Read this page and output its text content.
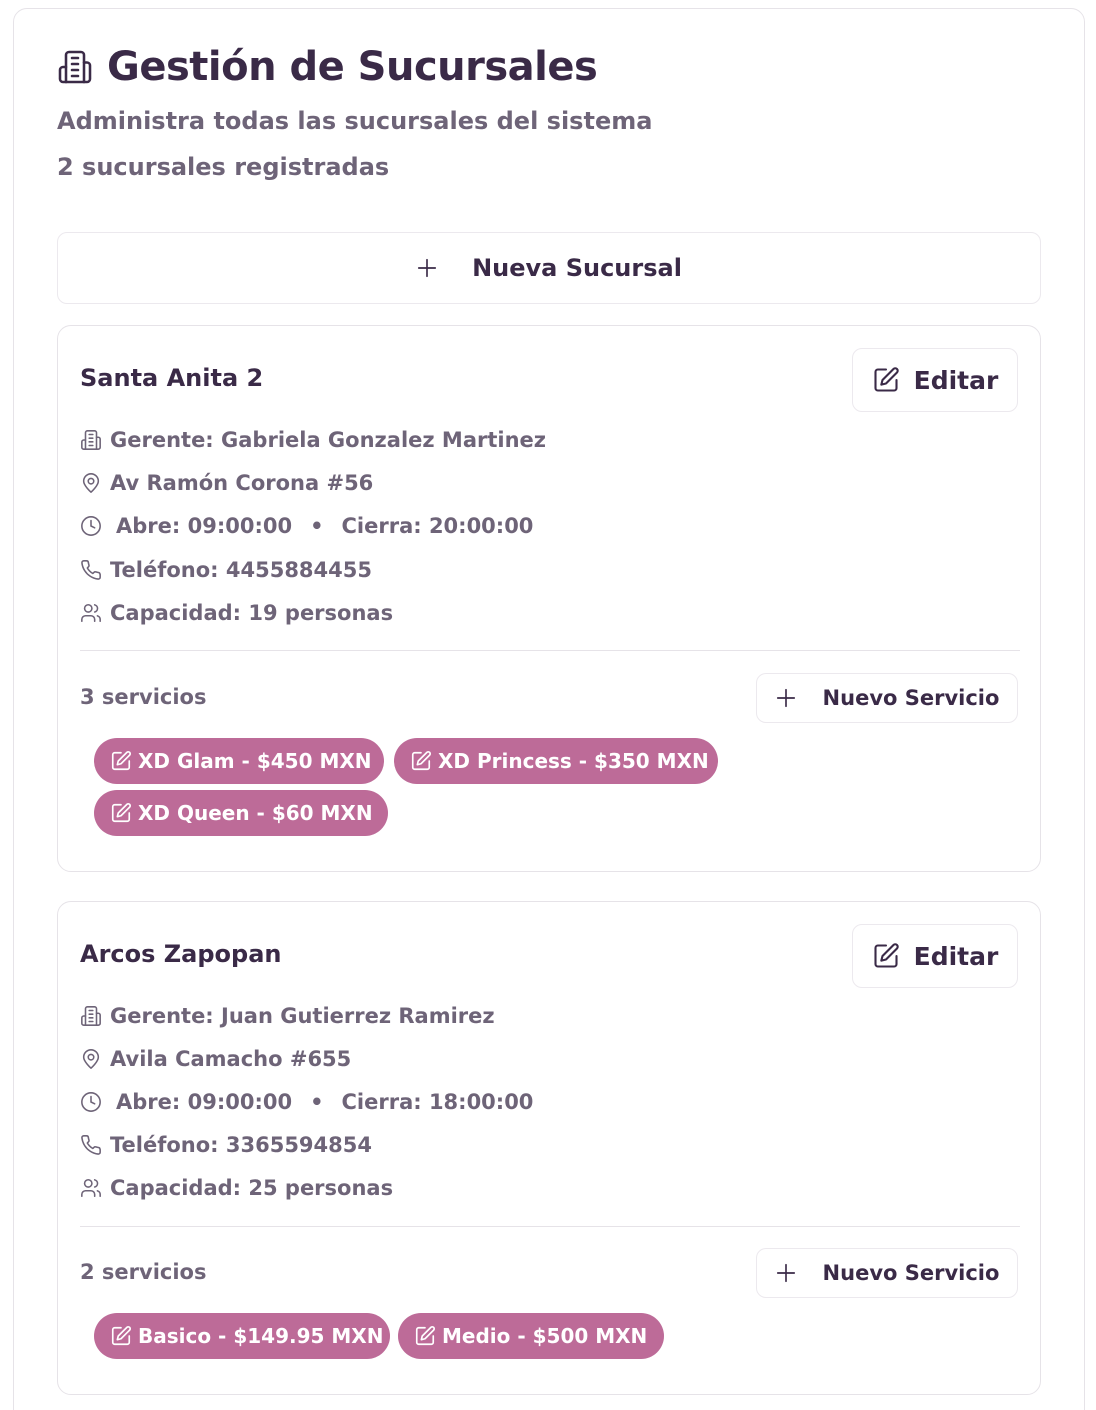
Gestión de Sucursales
Administra todas las sucursales del sistema
2 sucursales registradas
Nueva Sucursal
Santa Anita 2	Editar
Gerente: Gabriela Gonzalez Martinez
Av Ramón Corona #56
Abre: 09:00:00 • Cierra: 20:00:00
Teléfono: 4455884455
Capacidad: 19 personas
3 servicios	Nuevo Servicio
XD Glam - $450 MXN	XD Princess - $350 MXN
XD Queen - $60 MXN
Arcos Zapopan	Editar
Gerente: Juan Gutierrez Ramirez
Avila Camacho #655
Abre: 09:00:00 • Cierra: 18:00:00
Teléfono: 3365594854
Capacidad: 25 personas
2 servicios	Nuevo Servicio
Basico - $149.95 MXN	Medio - $500 MXN
